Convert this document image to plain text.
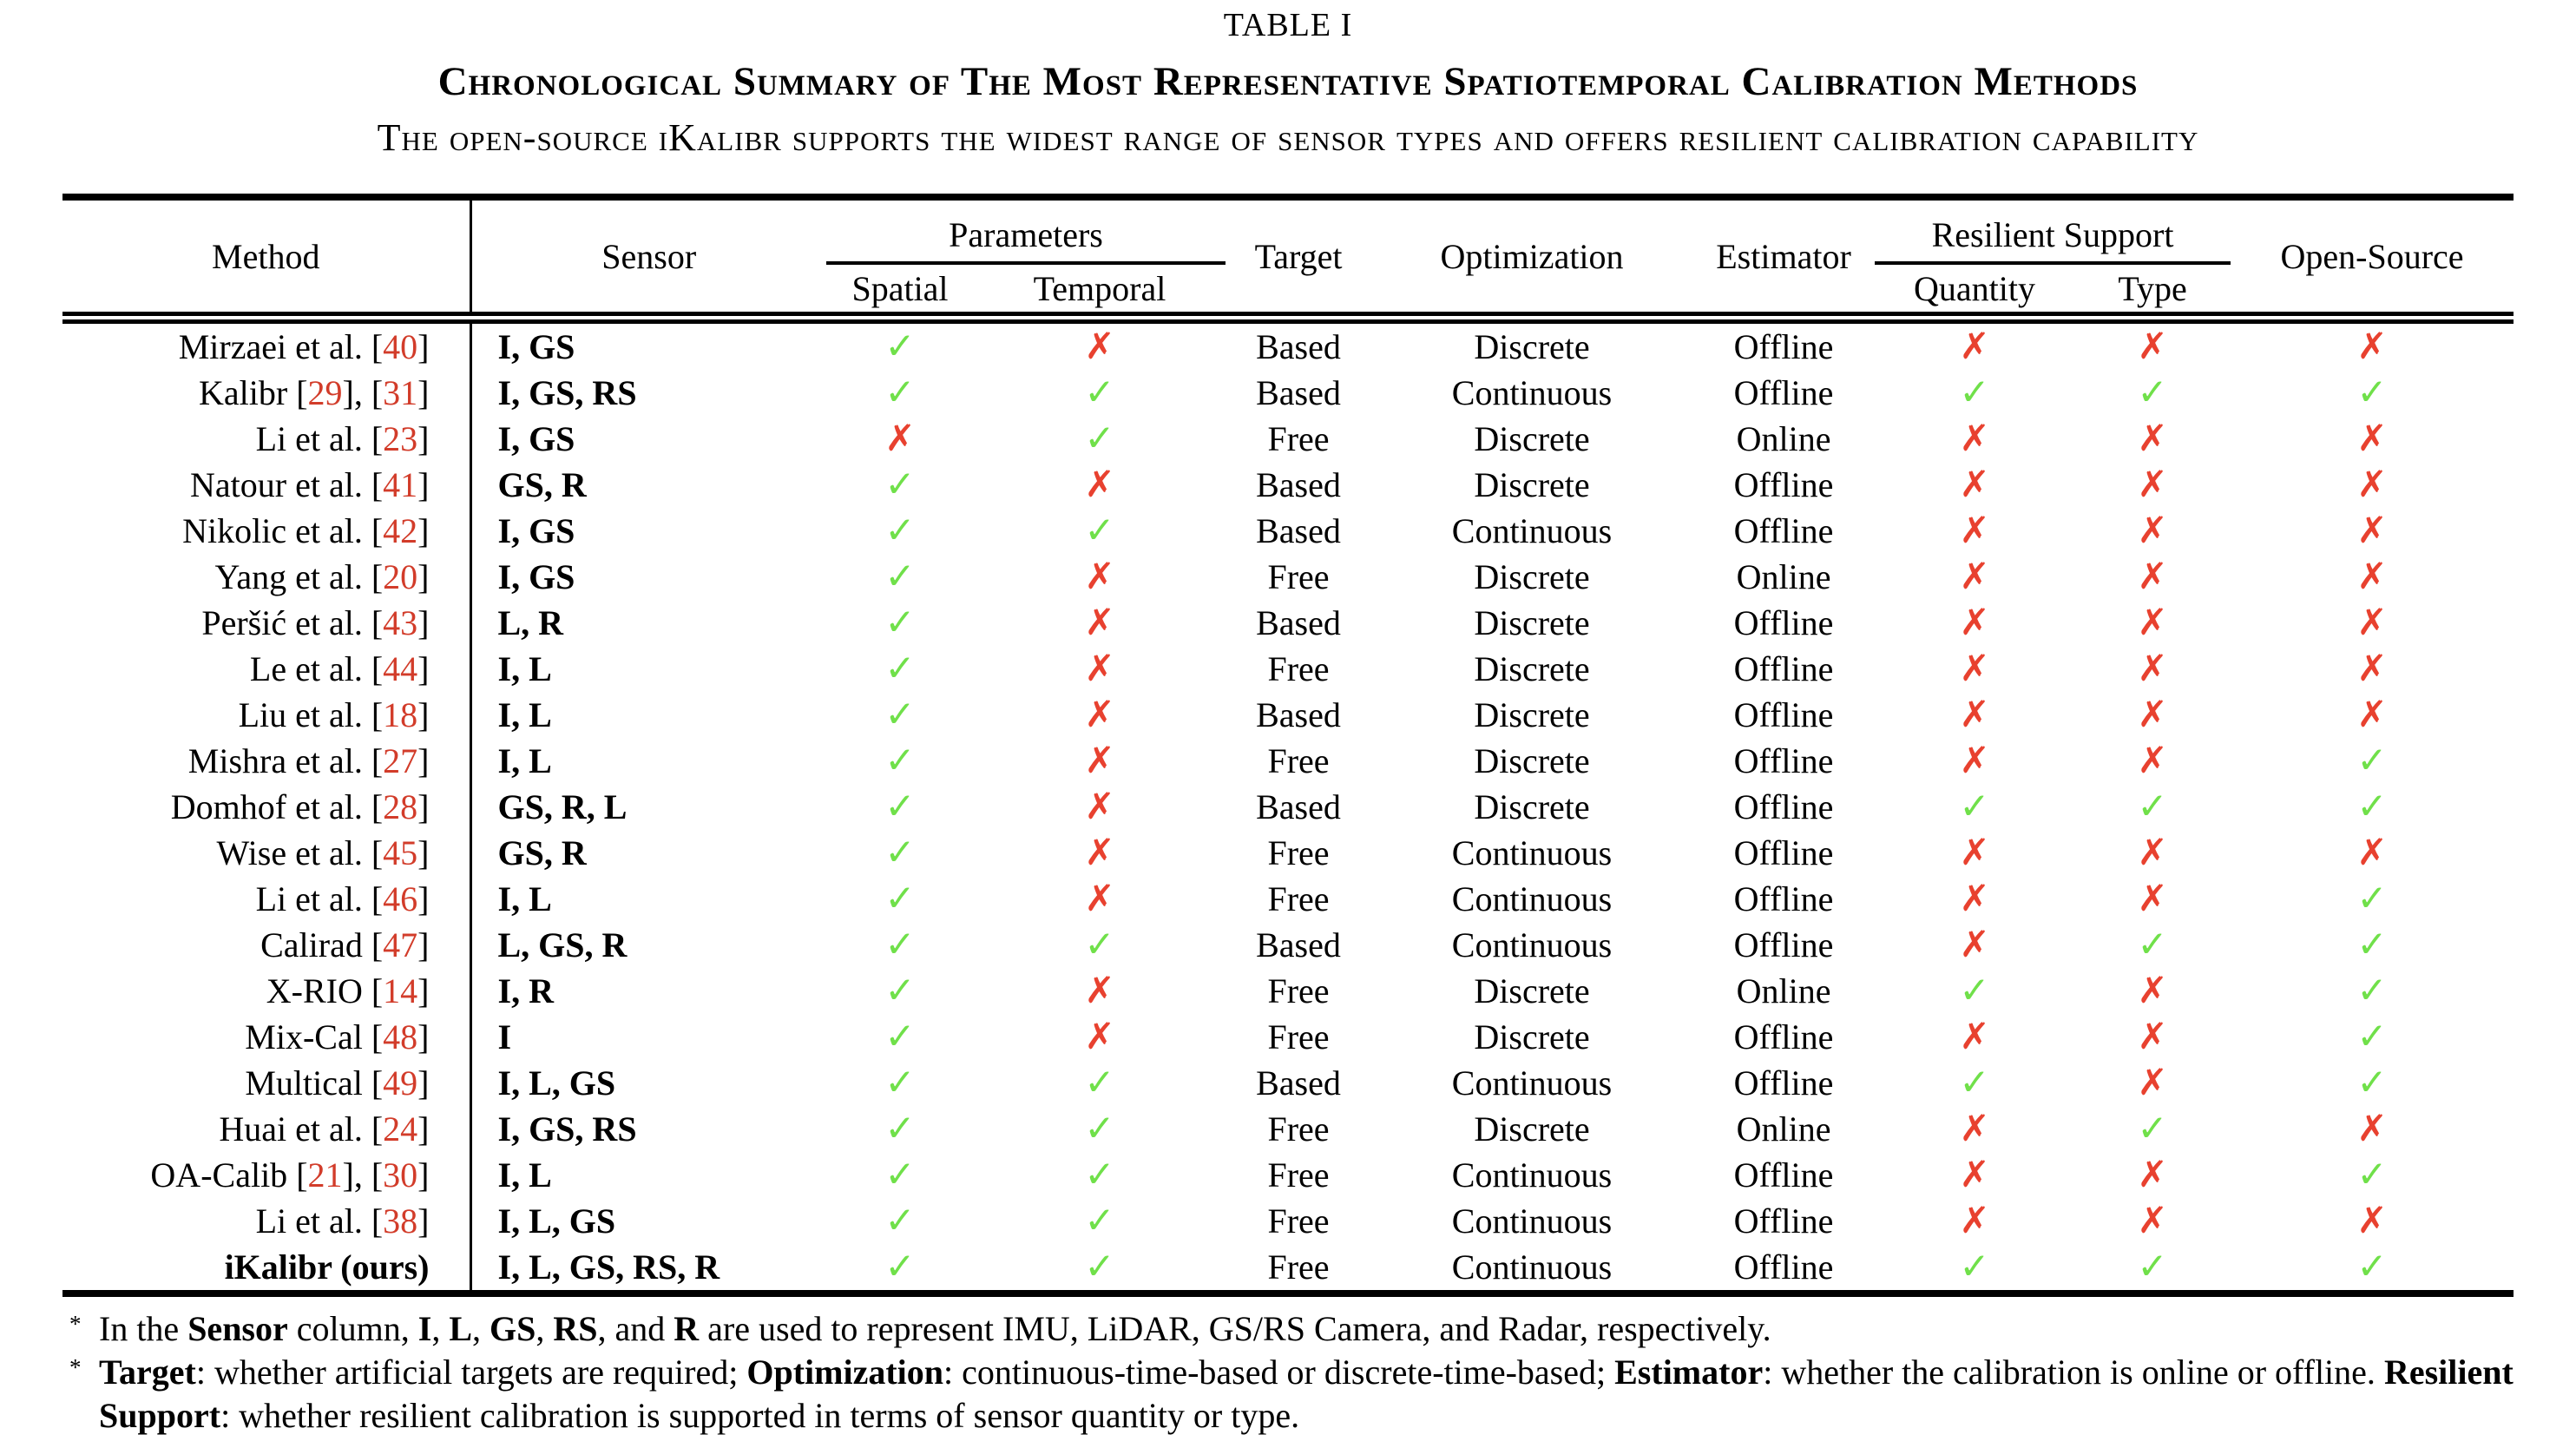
TABLE I
Chronological Summary of The Most Representative Spatiotemporal Calibration Methods
The open-source iKalibr supports the widest range of sensor types and offers resilient calibration capability
Method	Sensor	Parameters		Target	Optimization	Estimator	Resilient Support		Open-Source
		Spatial	Temporal				Quantity	Type	
Mirzaei et al. [40]	I, GS	✓	✗	Based	Discrete	Offline	✗	✗	✗
Kalibr [29], [31]	I, GS, RS	✓	✓	Based	Continuous	Offline	✓	✓	✓
Li et al. [23]	I, GS	✗	✓	Free	Discrete	Online	✗	✗	✗
Natour et al. [41]	GS, R	✓	✗	Based	Discrete	Offline	✗	✗	✗
Nikolic et al. [42]	I, GS	✓	✓	Based	Continuous	Offline	✗	✗	✗
Yang et al. [20]	I, GS	✓	✗	Free	Discrete	Online	✗	✗	✗
Peršić et al. [43]	L, R	✓	✗	Based	Discrete	Offline	✗	✗	✗
Le et al. [44]	I, L	✓	✗	Free	Discrete	Offline	✗	✗	✗
Liu et al. [18]	I, L	✓	✗	Based	Discrete	Offline	✗	✗	✗
Mishra et al. [27]	I, L	✓	✗	Free	Discrete	Offline	✗	✗	✓
Domhof et al. [28]	GS, R, L	✓	✗	Based	Discrete	Offline	✓	✓	✓
Wise et al. [45]	GS, R	✓	✗	Free	Continuous	Offline	✗	✗	✗
Li et al. [46]	I, L	✓	✗	Free	Continuous	Offline	✗	✗	✓
Calirad [47]	L, GS, R	✓	✓	Based	Continuous	Offline	✗	✓	✓
X-RIO [14]	I, R	✓	✗	Free	Discrete	Online	✓	✗	✓
Mix-Cal [48]	I	✓	✗	Free	Discrete	Offline	✗	✗	✓
Multical [49]	I, L, GS	✓	✓	Based	Continuous	Offline	✓	✗	✓
Huai et al. [24]	I, GS, RS	✓	✓	Free	Discrete	Online	✗	✓	✗
OA-Calib [21], [30]	I, L	✓	✓	Free	Continuous	Offline	✗	✗	✓
Li et al. [38]	I, L, GS	✓	✓	Free	Continuous	Offline	✗	✗	✗
iKalibr (ours)	I, L, GS, RS, R	✓	✓	Free	Continuous	Offline	✓	✓	✓
* In the Sensor column, I, L, GS, RS, and R are used to represent IMU, LiDAR, GS/RS Camera, and Radar, respectively.
* Target: whether artificial targets are required; Optimization: continuous-time-based or discrete-time-based; Estimator: whether the calibration is online or offline. Resilient Support: whether resilient calibration is supported in terms of sensor quantity or type.
